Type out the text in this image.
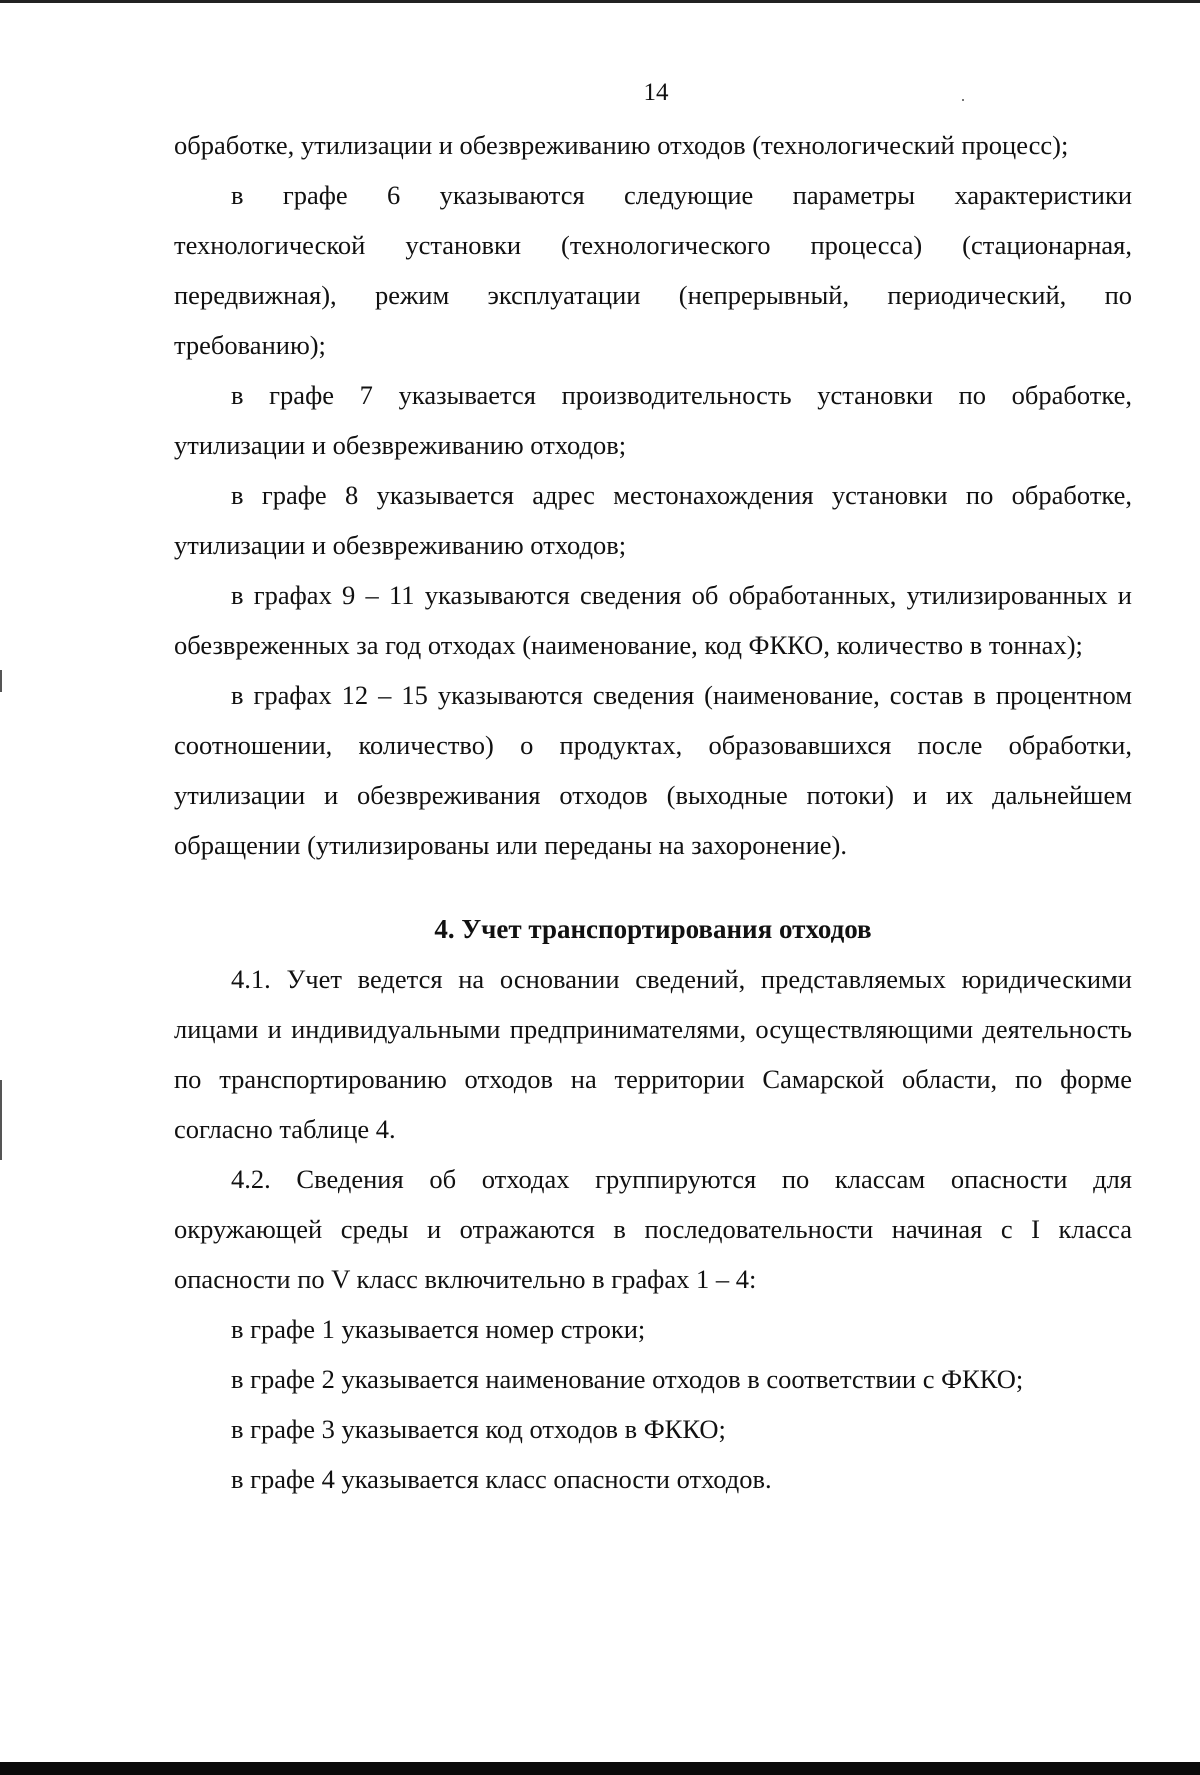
14

обработке, утилизации и обезвреживанию отходов (технологический процесс);

в графе 6 указываются следующие параметры характеристики технологической установки (технологического процесса) (стационарная, передвижная), режим эксплуатации (непрерывный, периодический, по требованию);

в графе 7 указывается производительность установки по обработке, утилизации и обезвреживанию отходов;

в графе 8 указывается адрес местонахождения установки по обработке, утилизации и обезвреживанию отходов;

в графах 9 – 11 указываются сведения об обработанных, утилизированных и обезвреженных за год отходах (наименование, код ФККО, количество в тоннах);

в графах 12 – 15 указываются сведения (наименование, состав в процентном соотношении, количество) о продуктах, образовавшихся после обработки, утилизации и обезвреживания отходов (выходные потоки) и их дальнейшем обращении (утилизированы или переданы на захоронение).

4. Учет транспортирования отходов

4.1. Учет ведется на основании сведений, представляемых юридическими лицами и индивидуальными предпринимателями, осуществляющими деятельность по транспортированию отходов на территории Самарской области, по форме согласно таблице 4.

4.2. Сведения об отходах группируются по классам опасности для окружающей среды и отражаются в последовательности начиная с I класса опасности по V класс включительно в графах 1 – 4:

в графе 1 указывается номер строки;

в графе 2 указывается наименование отходов в соответствии с ФККО;

в графе 3 указывается код отходов в ФККО;

в графе 4 указывается класс опасности отходов.
